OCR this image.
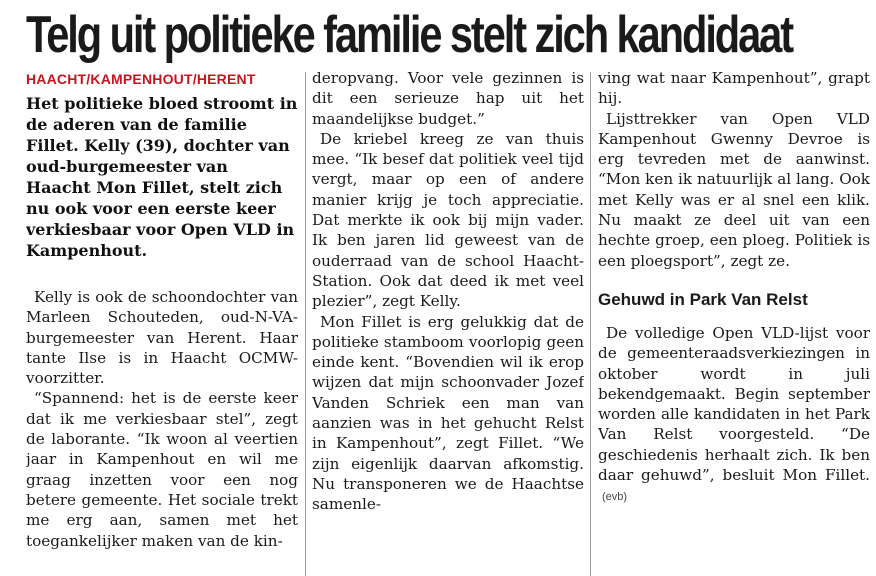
Telg uit politieke familie stelt zich kandidaat
HAACHT/KAMPENHOUT/HERENT

Het politieke bloed stroomt in de aderen van de familie Fillet. Kelly (39), dochter van oud-burgemeester van Haacht Mon Fillet, stelt zich nu ook voor een eerste keer verkiesbaar voor Open VLD in Kampenhout.

Kelly is ook de schoondochter van Marleen Schouteden, oud-N-VA-burgemeester van Herent. Haar tante Ilse is in Haacht OCMW-voorzitter.

“Spannend: het is de eerste keer dat ik me verkiesbaar stel”, zegt de laborante. “Ik woon al veertien jaar in Kampenhout en wil me graag inzetten voor een nog betere gemeente. Het sociale trekt me erg aan, samen met het toegankelijker maken van de kin-

deropvang. Voor vele gezinnen is dit een serieuze hap uit het maandelijkse budget.”

De kriebel kreeg ze van thuis mee. “Ik besef dat politiek veel tijd vergt, maar op een of andere manier krijg je toch appreciatie. Dat merkte ik ook bij mijn vader. Ik ben jaren lid geweest van de ouderraad van de school Haacht-Station. Ook dat deed ik met veel plezier”, zegt Kelly.

Mon Fillet is erg gelukkig dat de politieke stamboom voorlopig geen einde kent. “Bovendien wil ik erop wijzen dat mijn schoonvader Jozef Vanden Schriek een man van aanzien was in het gehucht Relst in Kampenhout”, zegt Fillet. “We zijn eigenlijk daarvan afkomstig. Nu transponeren we de Haachtse samenle-

ving wat naar Kampenhout”, grapt hij.

Lijsttrekker van Open VLD Kampenhout Gwenny Devroe is erg tevreden met de aanwinst. “Mon ken ik natuurlijk al lang. Ook met Kelly was er al snel een klik. Nu maakt ze deel uit van een hechte groep, een ploeg. Politiek is een ploegsport”, zegt ze.

Gehuwd in Park Van Relst

De volledige Open VLD-lijst voor de gemeenteraadsverkiezingen in oktober wordt in juli bekendgemaakt. Begin september worden alle kandidaten in het Park Van Relst voorgesteld. “De geschiedenis herhaalt zich. Ik ben daar gehuwd”, besluit Mon Fillet.(evb)
